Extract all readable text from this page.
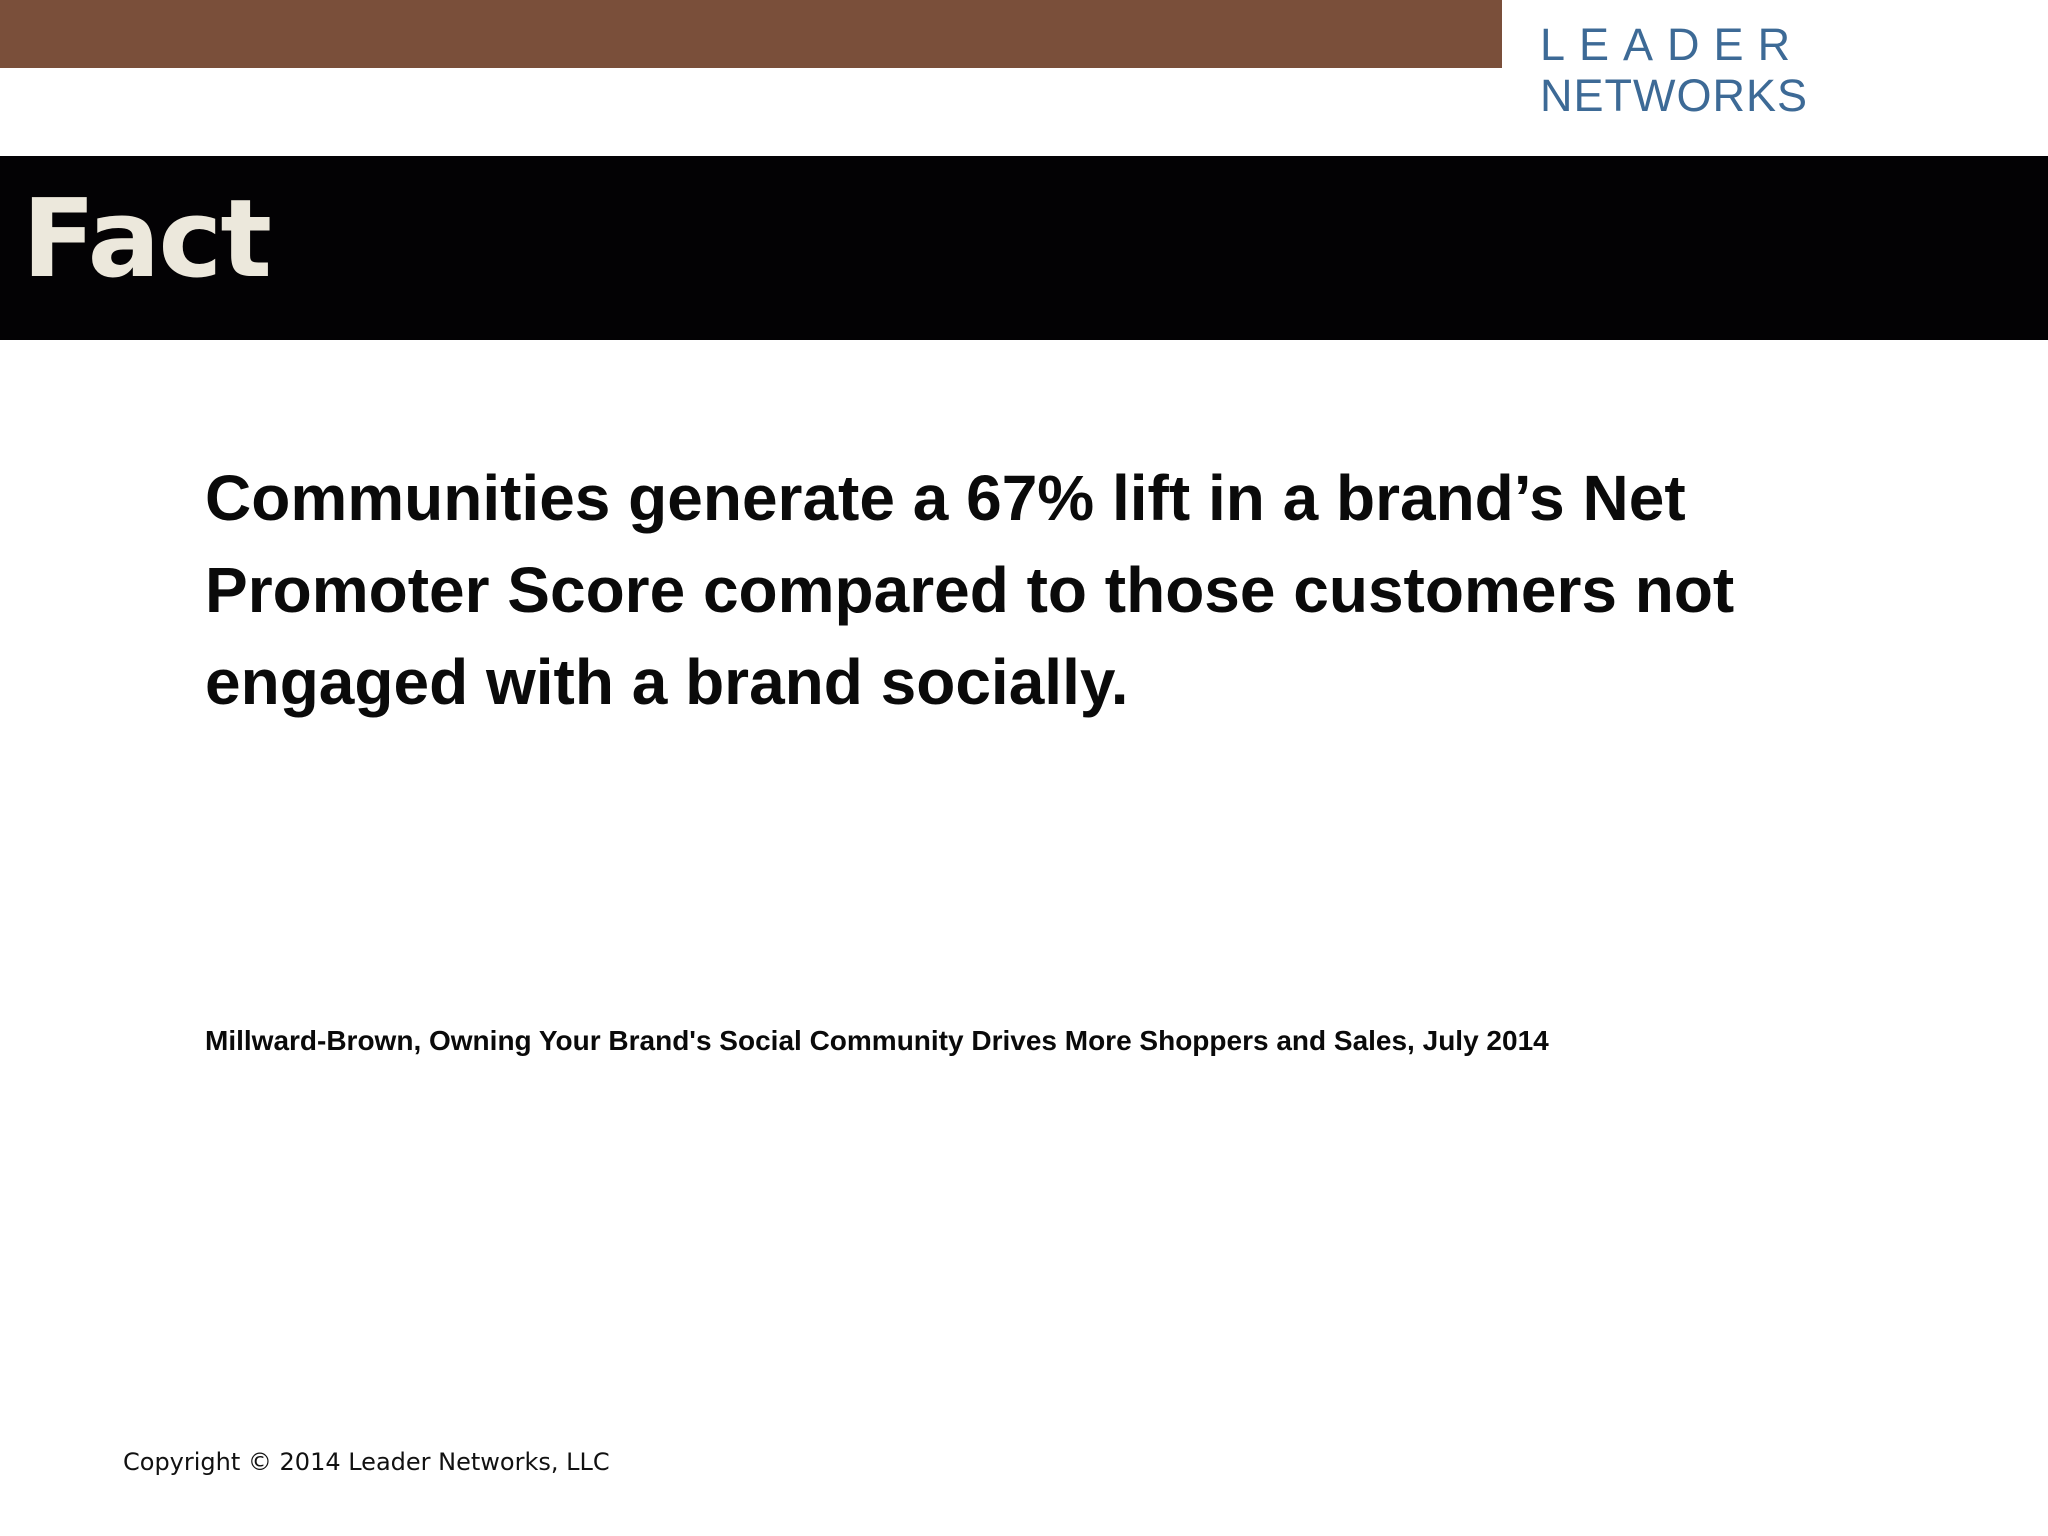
LEADER
NETWORKS
Fact

Communities generate a 67% lift in a brand’s Net Promoter Score compared to those customers not engaged with a brand socially.

Millward-Brown, Owning Your Brand's Social Community Drives More Shoppers and Sales, July 2014

Copyright © 2014 Leader Networks, LLC
